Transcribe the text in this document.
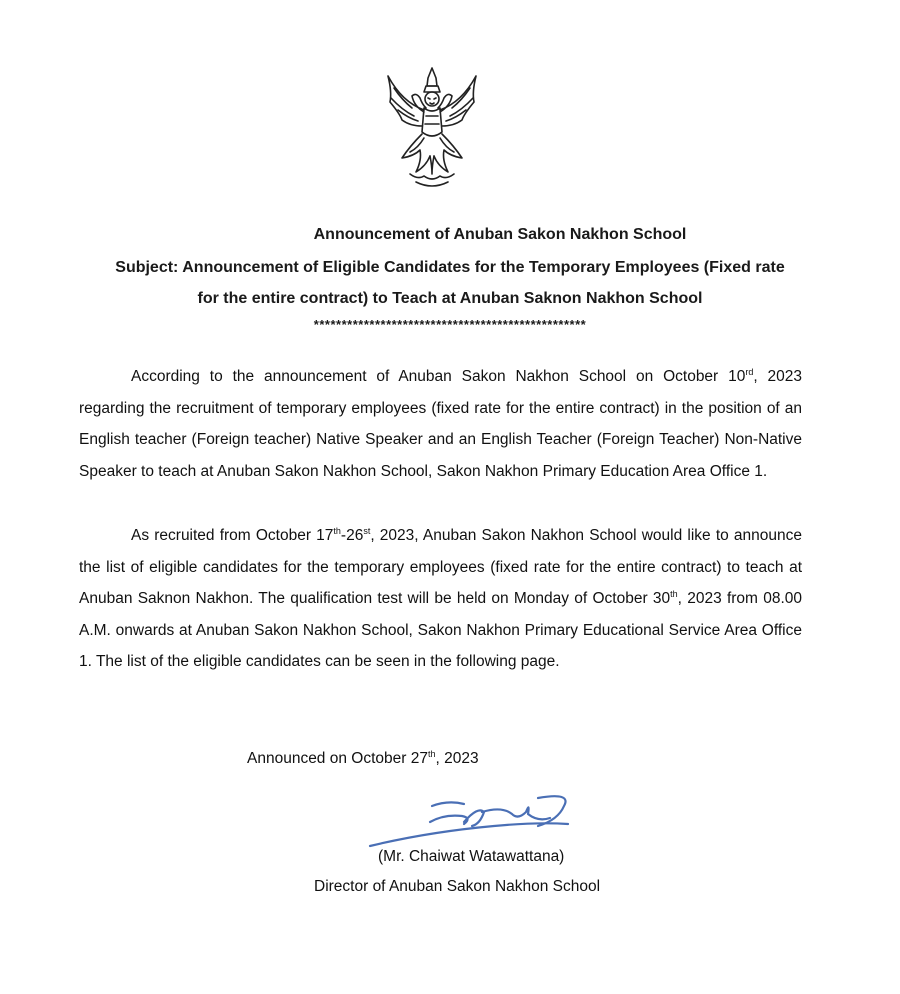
Announcement of Anuban Sakon Nakhon School
Subject: Announcement of Eligible Candidates for the Temporary Employees (Fixed rate
for the entire contract) to Teach at Anuban Saknon Nakhon School
*************************************************
According to the announcement of Anuban Sakon Nakhon School on October 10rd, 2023 regarding the recruitment of temporary employees (fixed rate for the entire contract) in the position of an English teacher (Foreign teacher) Native Speaker and an English Teacher (Foreign Teacher) Non-Native Speaker to teach at Anuban Sakon Nakhon School, Sakon Nakhon Primary Education Area Office 1.
As recruited from October 17th-26st, 2023, Anuban Sakon Nakhon School would like to announce the list of eligible candidates for the temporary employees (fixed rate for the entire contract) to teach at Anuban Saknon Nakhon. The qualification test will be held on Monday of October 30th, 2023 from 08.00 A.M. onwards at Anuban Sakon Nakhon School, Sakon Nakhon Primary Educational Service Area Office 1. The list of the eligible candidates can be seen in the following page.
Announced on October 27th, 2023
(Mr. Chaiwat Watawattana)
Director of Anuban Sakon Nakhon School
